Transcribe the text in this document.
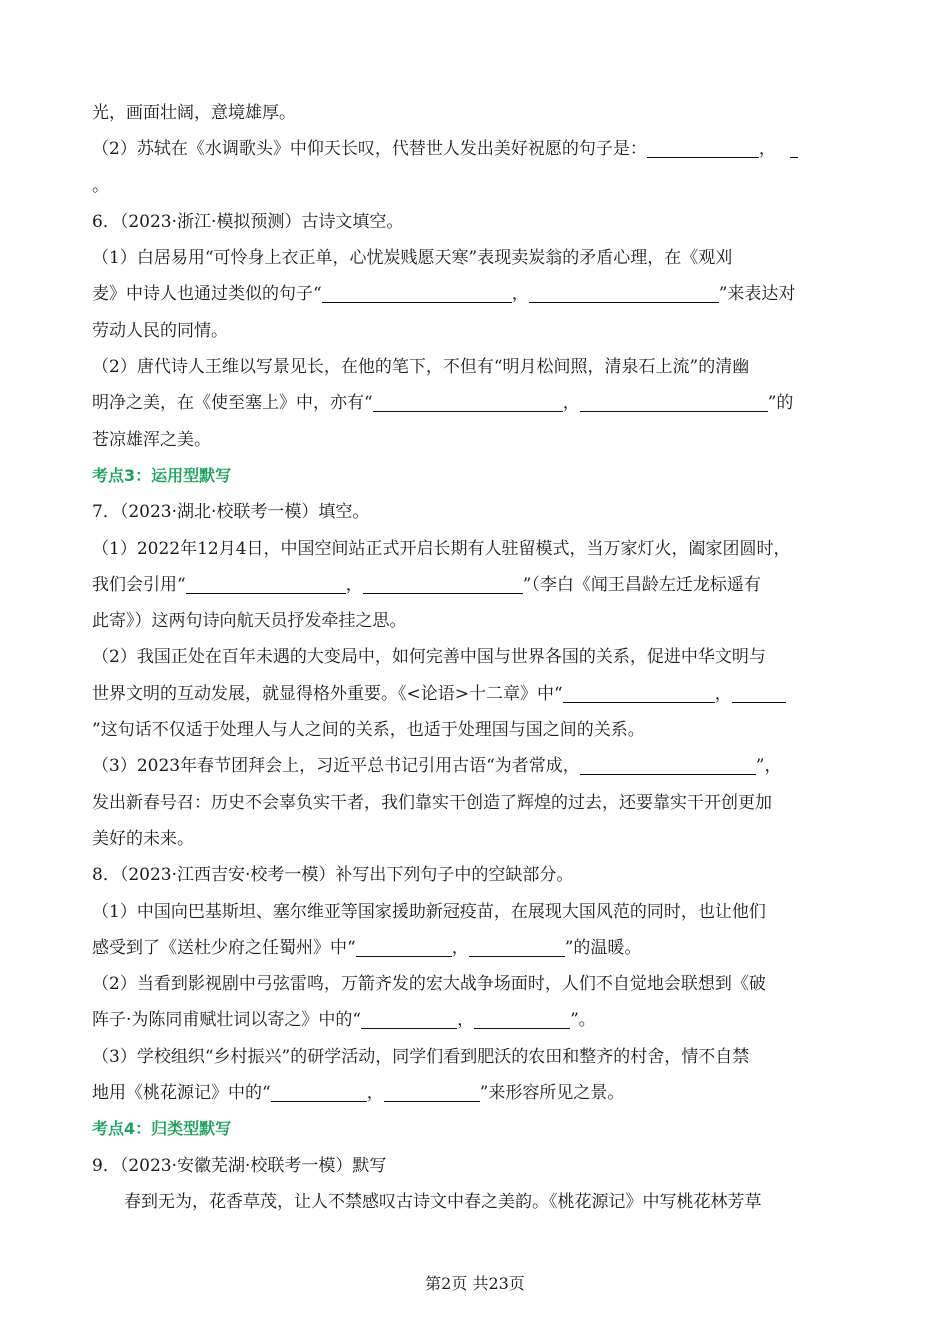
光，画面壮阔，意境雄厚。
（2）苏轼在《水调歌头》中仰天长叹，代替世人发出美好祝愿的句子是：	，
。
6．（2023·浙江·模拟预测）古诗文填空。
（1）白居易用“可怜身上衣正单，心忧炭贱愿天寒”表现卖炭翁的矛盾心理，在《观刈
麦》中诗人也通过类似的句子“	，	”来表达对
劳动人民的同情。
（2）唐代诗人王维以写景见长，在他的笔下，不但有“明月松间照，清泉石上流”的清幽
明净之美，在《使至塞上》中，亦有“	，	”的
苍凉雄浑之美。
考点3：运用型默写
7．（2023·湖北·校联考一模）填空。
（1）2022年12月4日，中国空间站正式开启长期有人驻留模式，当万家灯火，阖家团圆时，
我们会引用“	，	”（李白《闻王昌龄左迁龙标遥有
此寄》）这两句诗向航天员抒发牵挂之思。
（2）我国正处在百年未遇的大变局中，如何完善中国与世界各国的关系，促进中华文明与
世界文明的互动发展，就显得格外重要。《<论语>十二章》中“	，
”这句话不仅适于处理人与人之间的关系，也适于处理国与国之间的关系。
（3）2023年春节团拜会上，习近平总书记引用古语“为者常成，	”，
发出新春号召：历史不会辜负实干者，我们靠实干创造了辉煌的过去，还要靠实干开创更加
美好的未来。
8．（2023·江西吉安·校考一模）补写出下列句子中的空缺部分。
（1）中国向巴基斯坦、塞尔维亚等国家援助新冠疫苗，在展现大国风范的同时，也让他们
感受到了《送杜少府之任蜀州》中“	，	”的温暖。
（2）当看到影视剧中弓弦雷鸣，万箭齐发的宏大战争场面时，人们不自觉地会联想到《破
阵子·为陈同甫赋壮词以寄之》中的“	，	”。
（3）学校组织“乡村振兴”的研学活动，同学们看到肥沃的农田和整齐的村舍，情不自禁
地用《桃花源记》中的“	，	”来形容所见之景。
考点4：归类型默写
9．（2023·安徽芜湖·校联考一模）默写
春到无为，花香草茂，让人不禁感叹古诗文中春之美韵。《桃花源记》中写桃花林芳草
第2页 共23页
